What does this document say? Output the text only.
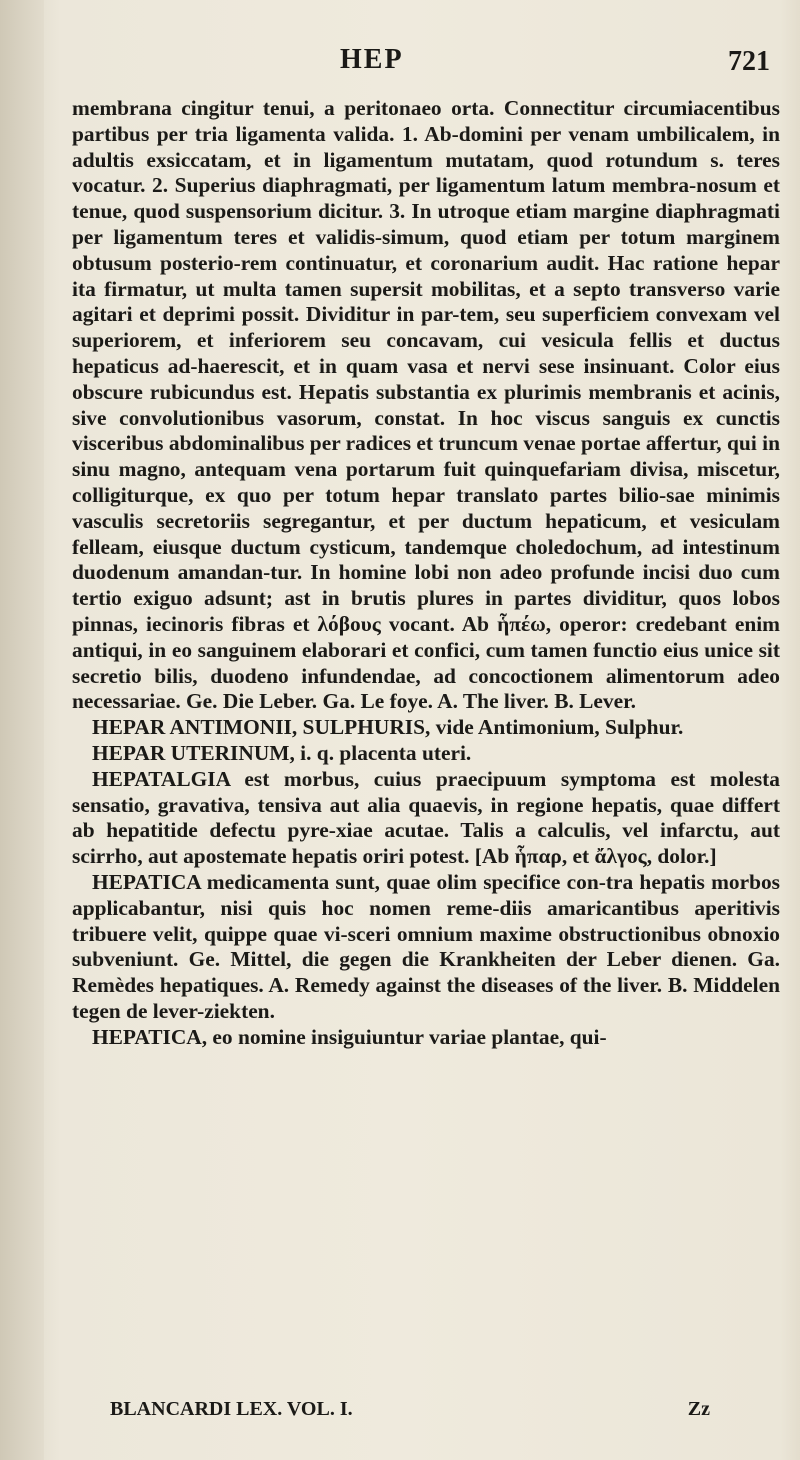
HEP	721

membrana cingitur tenui, a peritonaeo orta. Connectitur circumiacentibus partibus per tria ligamenta valida. 1. Ab-domini per venam umbilicalem, in adultis exsiccatam, et in ligamentum mutatam, quod rotundum s. teres vocatur. 2. Superius diaphragmati, per ligamentum latum membra-nosum et tenue, quod suspensorium dicitur. 3. In utroque etiam margine diaphragmati per ligamentum teres et validis-simum, quod etiam per totum marginem obtusum posterio-rem continuatur, et coronarium audit. Hac ratione hepar ita firmatur, ut multa tamen supersit mobilitas, et a septo transverso varie agitari et deprimi possit. Dividitur in par-tem, seu superficiem convexam vel superiorem, et inferiorem seu concavam, cui vesicula fellis et ductus hepaticus ad-haerescit, et in quam vasa et nervi sese insinuant. Color eius obscure rubicundus est. Hepatis substantia ex plurimis membranis et acinis, sive convolutionibus vasorum, constat. In hoc viscus sanguis ex cunctis visceribus abdominalibus per radices et truncum venae portae affertur, qui in sinu magno, antequam vena portarum fuit quinquefariam divisa, miscetur, colligiturque, ex quo per totum hepar translato partes bilio-sae minimis vasculis secretoriis segregantur, et per ductum hepaticum, et vesiculam felleam, eiusque ductum cysticum, tandemque choledochum, ad intestinum duodenum amandan-tur. In homine lobi non adeo profunde incisi duo cum tertio exiguo adsunt; ast in brutis plures in partes dividitur, quos lobos pinnas, iecinoris fibras et λόβους vocant. Ab ἧπέω, operor: credebant enim antiqui, in eo sanguinem elaborari et confici, cum tamen functio eius unice sit secretio bilis, duodeno infundendae, ad concoctionem alimentorum adeo necessariae. Ge. Die Leber. Ga. Le foye. A. The liver. B. Lever.

HEPAR ANTIMONII, SULPHURIS, vide Antimonium, Sulphur.

HEPAR UTERINUM, i. q. placenta uteri.

HEPATALGIA est morbus, cuius praecipuum symptoma est molesta sensatio, gravativa, tensiva aut alia quaevis, in regione hepatis, quae differt ab hepatitide defectu pyre-xiae acutae. Talis a calculis, vel infarctu, aut scirrho, aut apostemate hepatis oriri potest. [Ab ἧπαρ, et ἄλγος, dolor.]

HEPATICA medicamenta sunt, quae olim specifice con-tra hepatis morbos applicabantur, nisi quis hoc nomen reme-diis amaricantibus aperitivis tribuere velit, quippe quae vi-sceri omnium maxime obstructionibus obnoxio subveniunt. Ge. Mittel, die gegen die Krankheiten der Leber dienen. Ga. Remèdes hepatiques. A. Remedy against the diseases of the liver. B. Middelen tegen de lever-ziekten.

HEPATICA, eo nomine insiguiuntur variae plantae, qui-

BLANCARDI LEX. VOL. I.	Zz
